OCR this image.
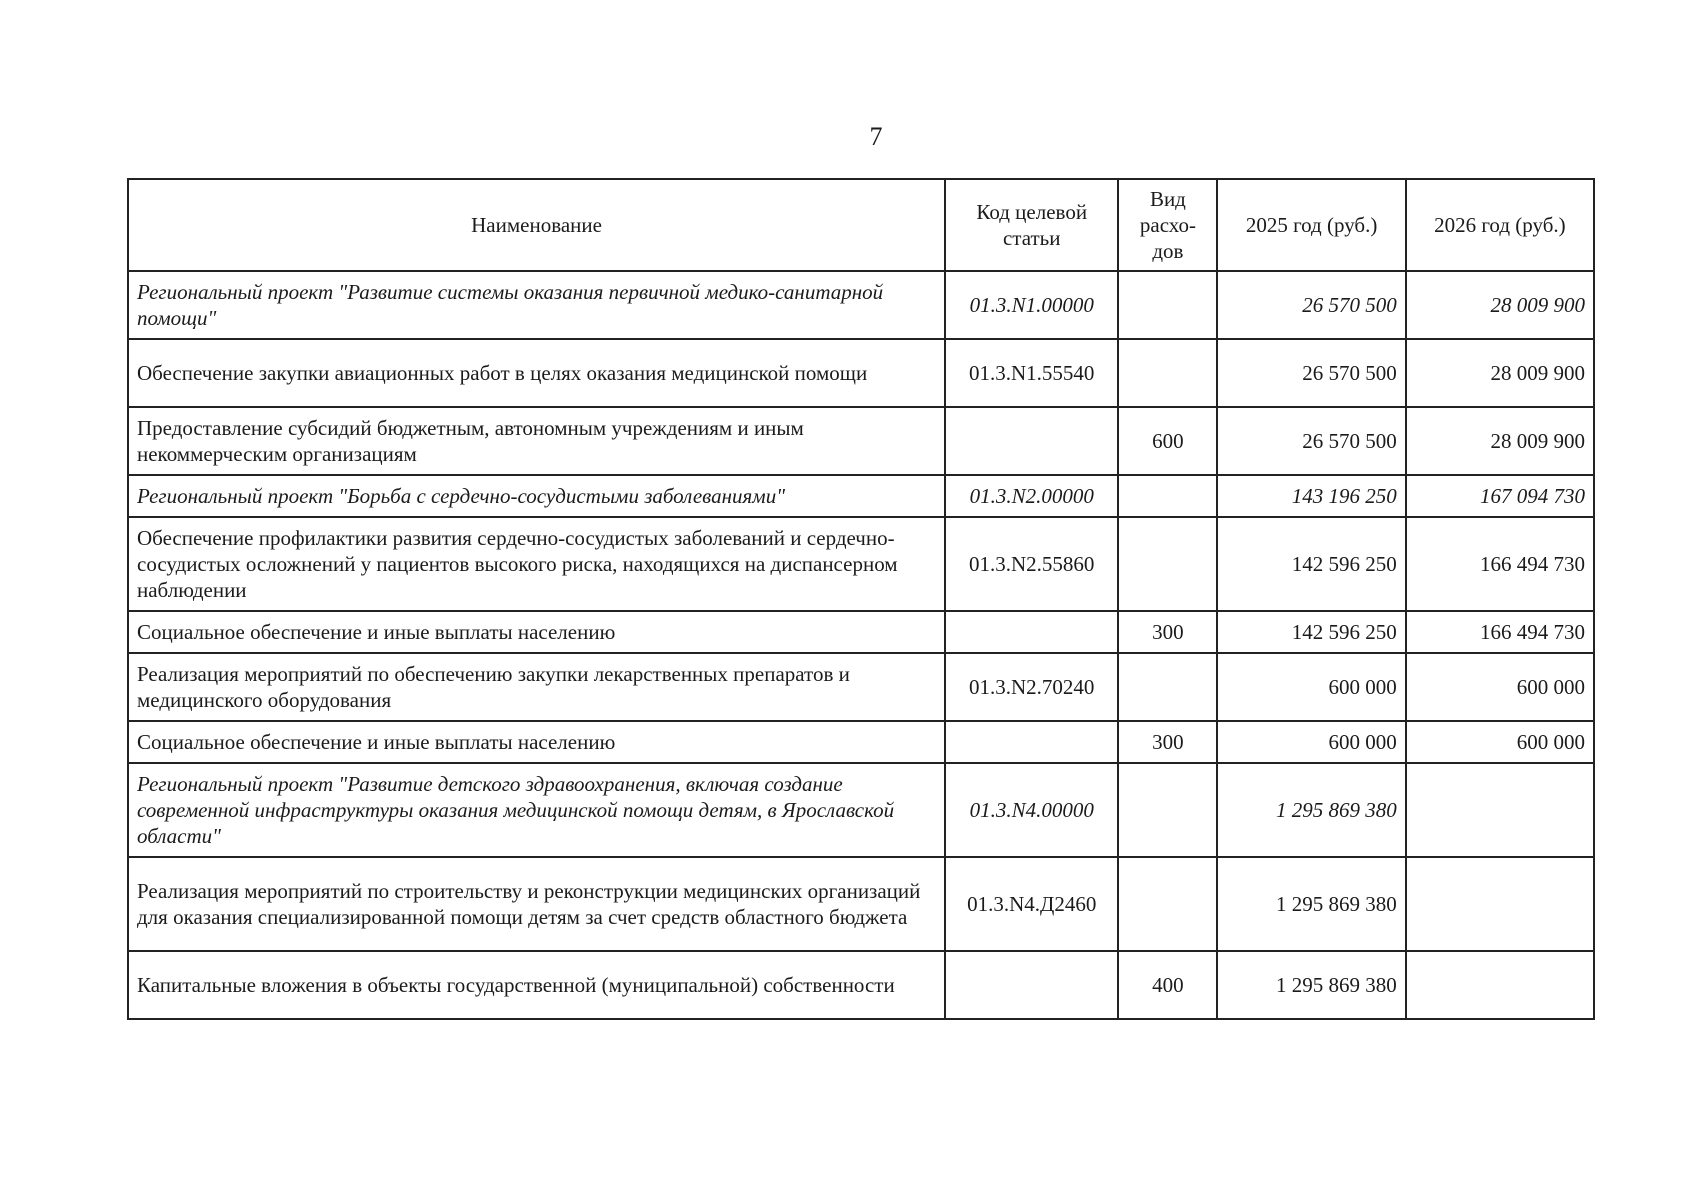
7
Наименование	Код целевой статьи	Вид расхо-дов	2025 год (руб.)	2026 год (руб.)
Региональный проект "Развитие системы оказания первичной медико-санитарной помощи"	01.3.N1.00000		26 570 500	28 009 900
Обеспечение закупки авиационных работ в целях оказания медицинской помощи	01.3.N1.55540		26 570 500	28 009 900
Предоставление субсидий бюджетным, автономным учреждениям и иным некоммерческим организациям		600	26 570 500	28 009 900
Региональный проект "Борьба с сердечно-сосудистыми заболеваниями"	01.3.N2.00000		143 196 250	167 094 730
Обеспечение профилактики развития сердечно-сосудистых заболеваний и сердечно-сосудистых осложнений у пациентов высокого риска, находящихся на диспансерном наблюдении	01.3.N2.55860		142 596 250	166 494 730
Социальное обеспечение и иные выплаты населению		300	142 596 250	166 494 730
Реализация мероприятий по обеспечению закупки лекарственных препаратов и медицинского оборудования	01.3.N2.70240		600 000	600 000
Социальное обеспечение и иные выплаты населению		300	600 000	600 000
Региональный проект "Развитие детского здравоохранения, включая создание современной инфраструктуры оказания медицинской помощи детям, в Ярославской области"	01.3.N4.00000		1 295 869 380	
Реализация мероприятий по строительству и реконструкции медицинских организаций для оказания специализированной помощи детям за счет средств областного бюджета	01.3.N4.Д2460		1 295 869 380	
Капитальные вложения в объекты государственной (муниципальной) собственности		400	1 295 869 380	
